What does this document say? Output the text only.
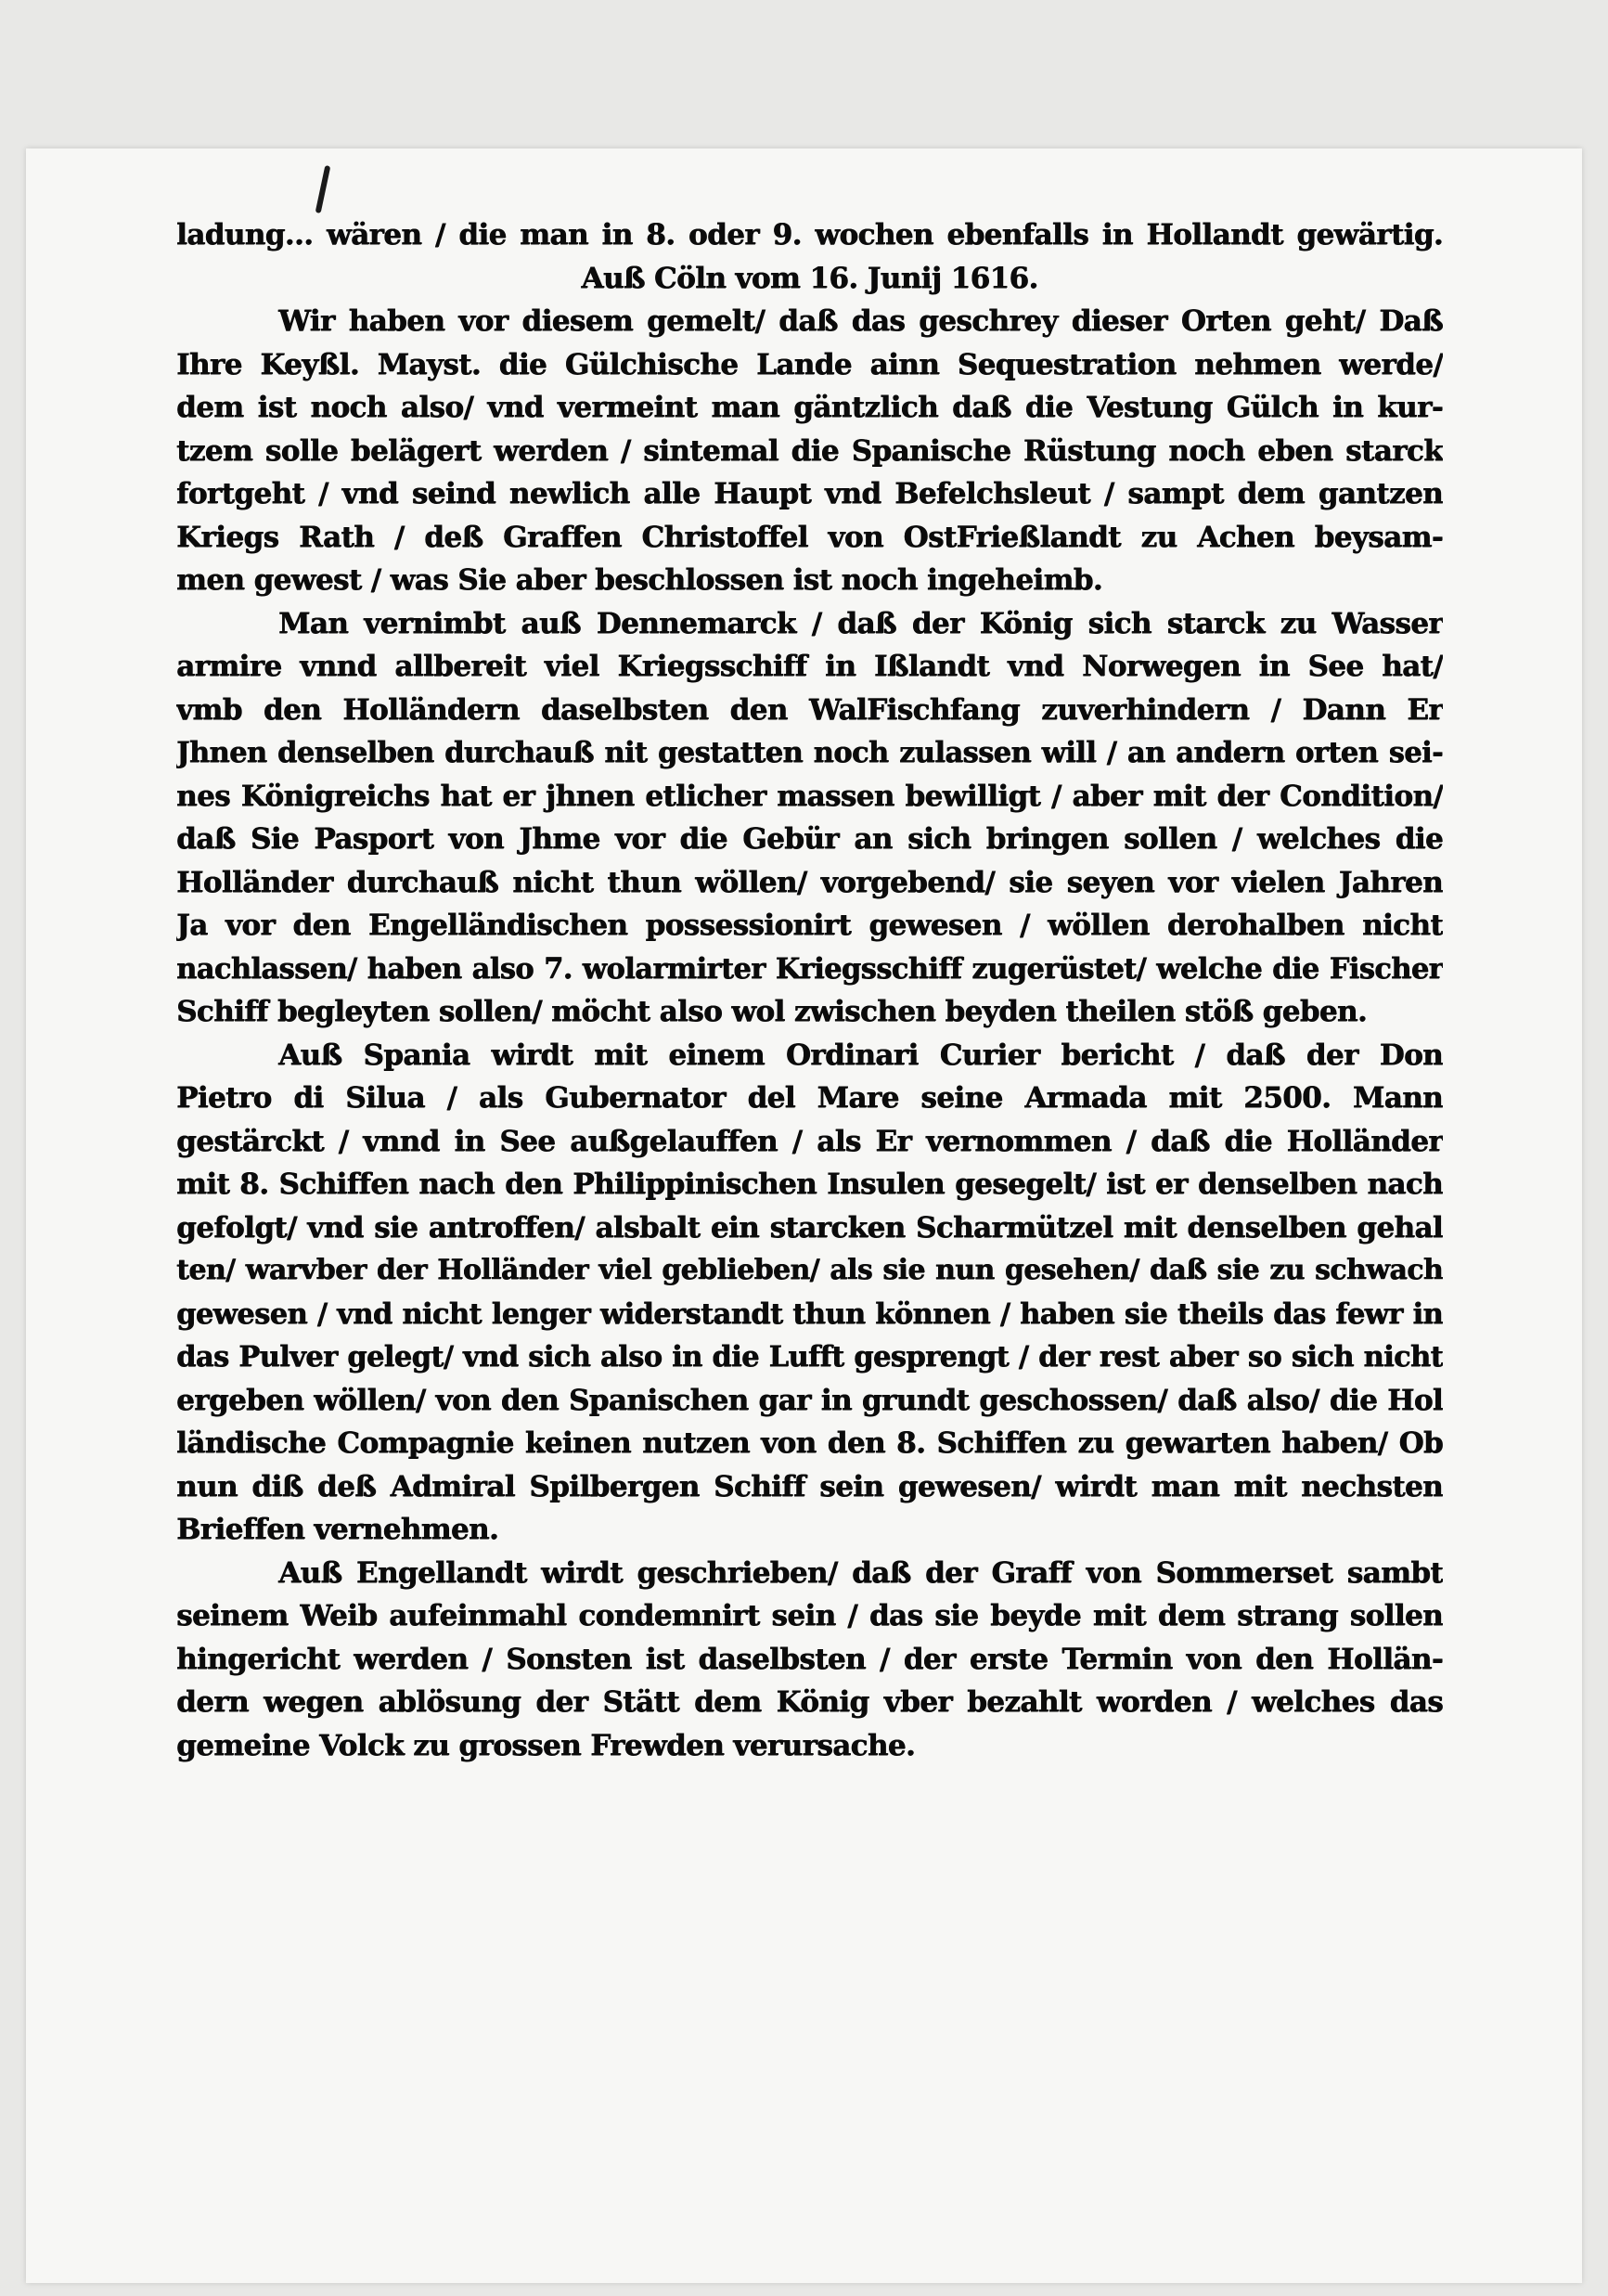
ladung... wären / die man in 8. oder 9. wochen ebenfalls in Hollandt gewärtig.
Auß Cöln vom 16. Junij 1616.
Wir haben vor diesem gemelt/ daß das geschrey dieser Orten geht/ Daß
Ihre Keyßl. Mayst. die Gülchische Lande ainn Sequestration nehmen werde/
dem ist noch also/ vnd vermeint man gäntzlich daß die Vestung Gülch in kur-
tzem solle belägert werden / sintemal die Spanische Rüstung noch eben starck
fortgeht / vnd seind newlich alle Haupt vnd Befelchsleut / sampt dem gantzen
Kriegs Rath / deß Graffen Christoffel von OstFrießlandt zu Achen beysam-
men gewest / was Sie aber beschlossen ist noch ingeheimb.
Man vernimbt auß Dennemarck / daß der König sich starck zu Wasser
armire vnnd allbereit viel Kriegsschiff in Ißlandt vnd Norwegen in See hat/
vmb den Holländern daselbsten den WalFischfang zuverhindern / Dann Er
Jhnen denselben durchauß nit gestatten noch zulassen will / an andern orten sei-
nes Königreichs hat er jhnen etlicher massen bewilligt / aber mit der Condition/
daß Sie Pasport von Jhme vor die Gebür an sich bringen sollen / welches die
Holländer durchauß nicht thun wöllen/ vorgebend/ sie seyen vor vielen Jahren
Ja vor den Engelländischen possessionirt gewesen / wöllen derohalben nicht
nachlassen/ haben also 7. wolarmirter Kriegsschiff zugerüstet/ welche die Fischer
Schiff begleyten sollen/ möcht also wol zwischen beyden theilen stöß geben.
Auß Spania wirdt mit einem Ordinari Curier bericht / daß der Don
Pietro di Silua / als Gubernator del Mare seine Armada mit 2500. Mann
gestärckt / vnnd in See außgelauffen / als Er vernommen / daß die Holländer
mit 8. Schiffen nach den Philippinischen Insulen gesegelt/ ist er denselben nach
gefolgt/ vnd sie antroffen/ alsbalt ein starcken Scharmützel mit denselben gehal
ten/ warvber der Holländer viel geblieben/ als sie nun gesehen/ daß sie zu schwach
gewesen / vnd nicht lenger widerstandt thun können / haben sie theils das fewr in
das Pulver gelegt/ vnd sich also in die Lufft gesprengt / der rest aber so sich nicht
ergeben wöllen/ von den Spanischen gar in grundt geschossen/ daß also/ die Hol
ländische Compagnie keinen nutzen von den 8. Schiffen zu gewarten haben/ Ob
nun diß deß Admiral Spilbergen Schiff sein gewesen/ wirdt man mit nechsten
Brieffen vernehmen.
Auß Engellandt wirdt geschrieben/ daß der Graff von Sommerset sambt
seinem Weib aufeinmahl condemnirt sein / das sie beyde mit dem strang sollen
hingericht werden / Sonsten ist daselbsten / der erste Termin von den Hollän-
dern wegen ablösung der Stätt dem König vber bezahlt worden / welches das
gemeine Volck zu grossen Frewden verursache.
